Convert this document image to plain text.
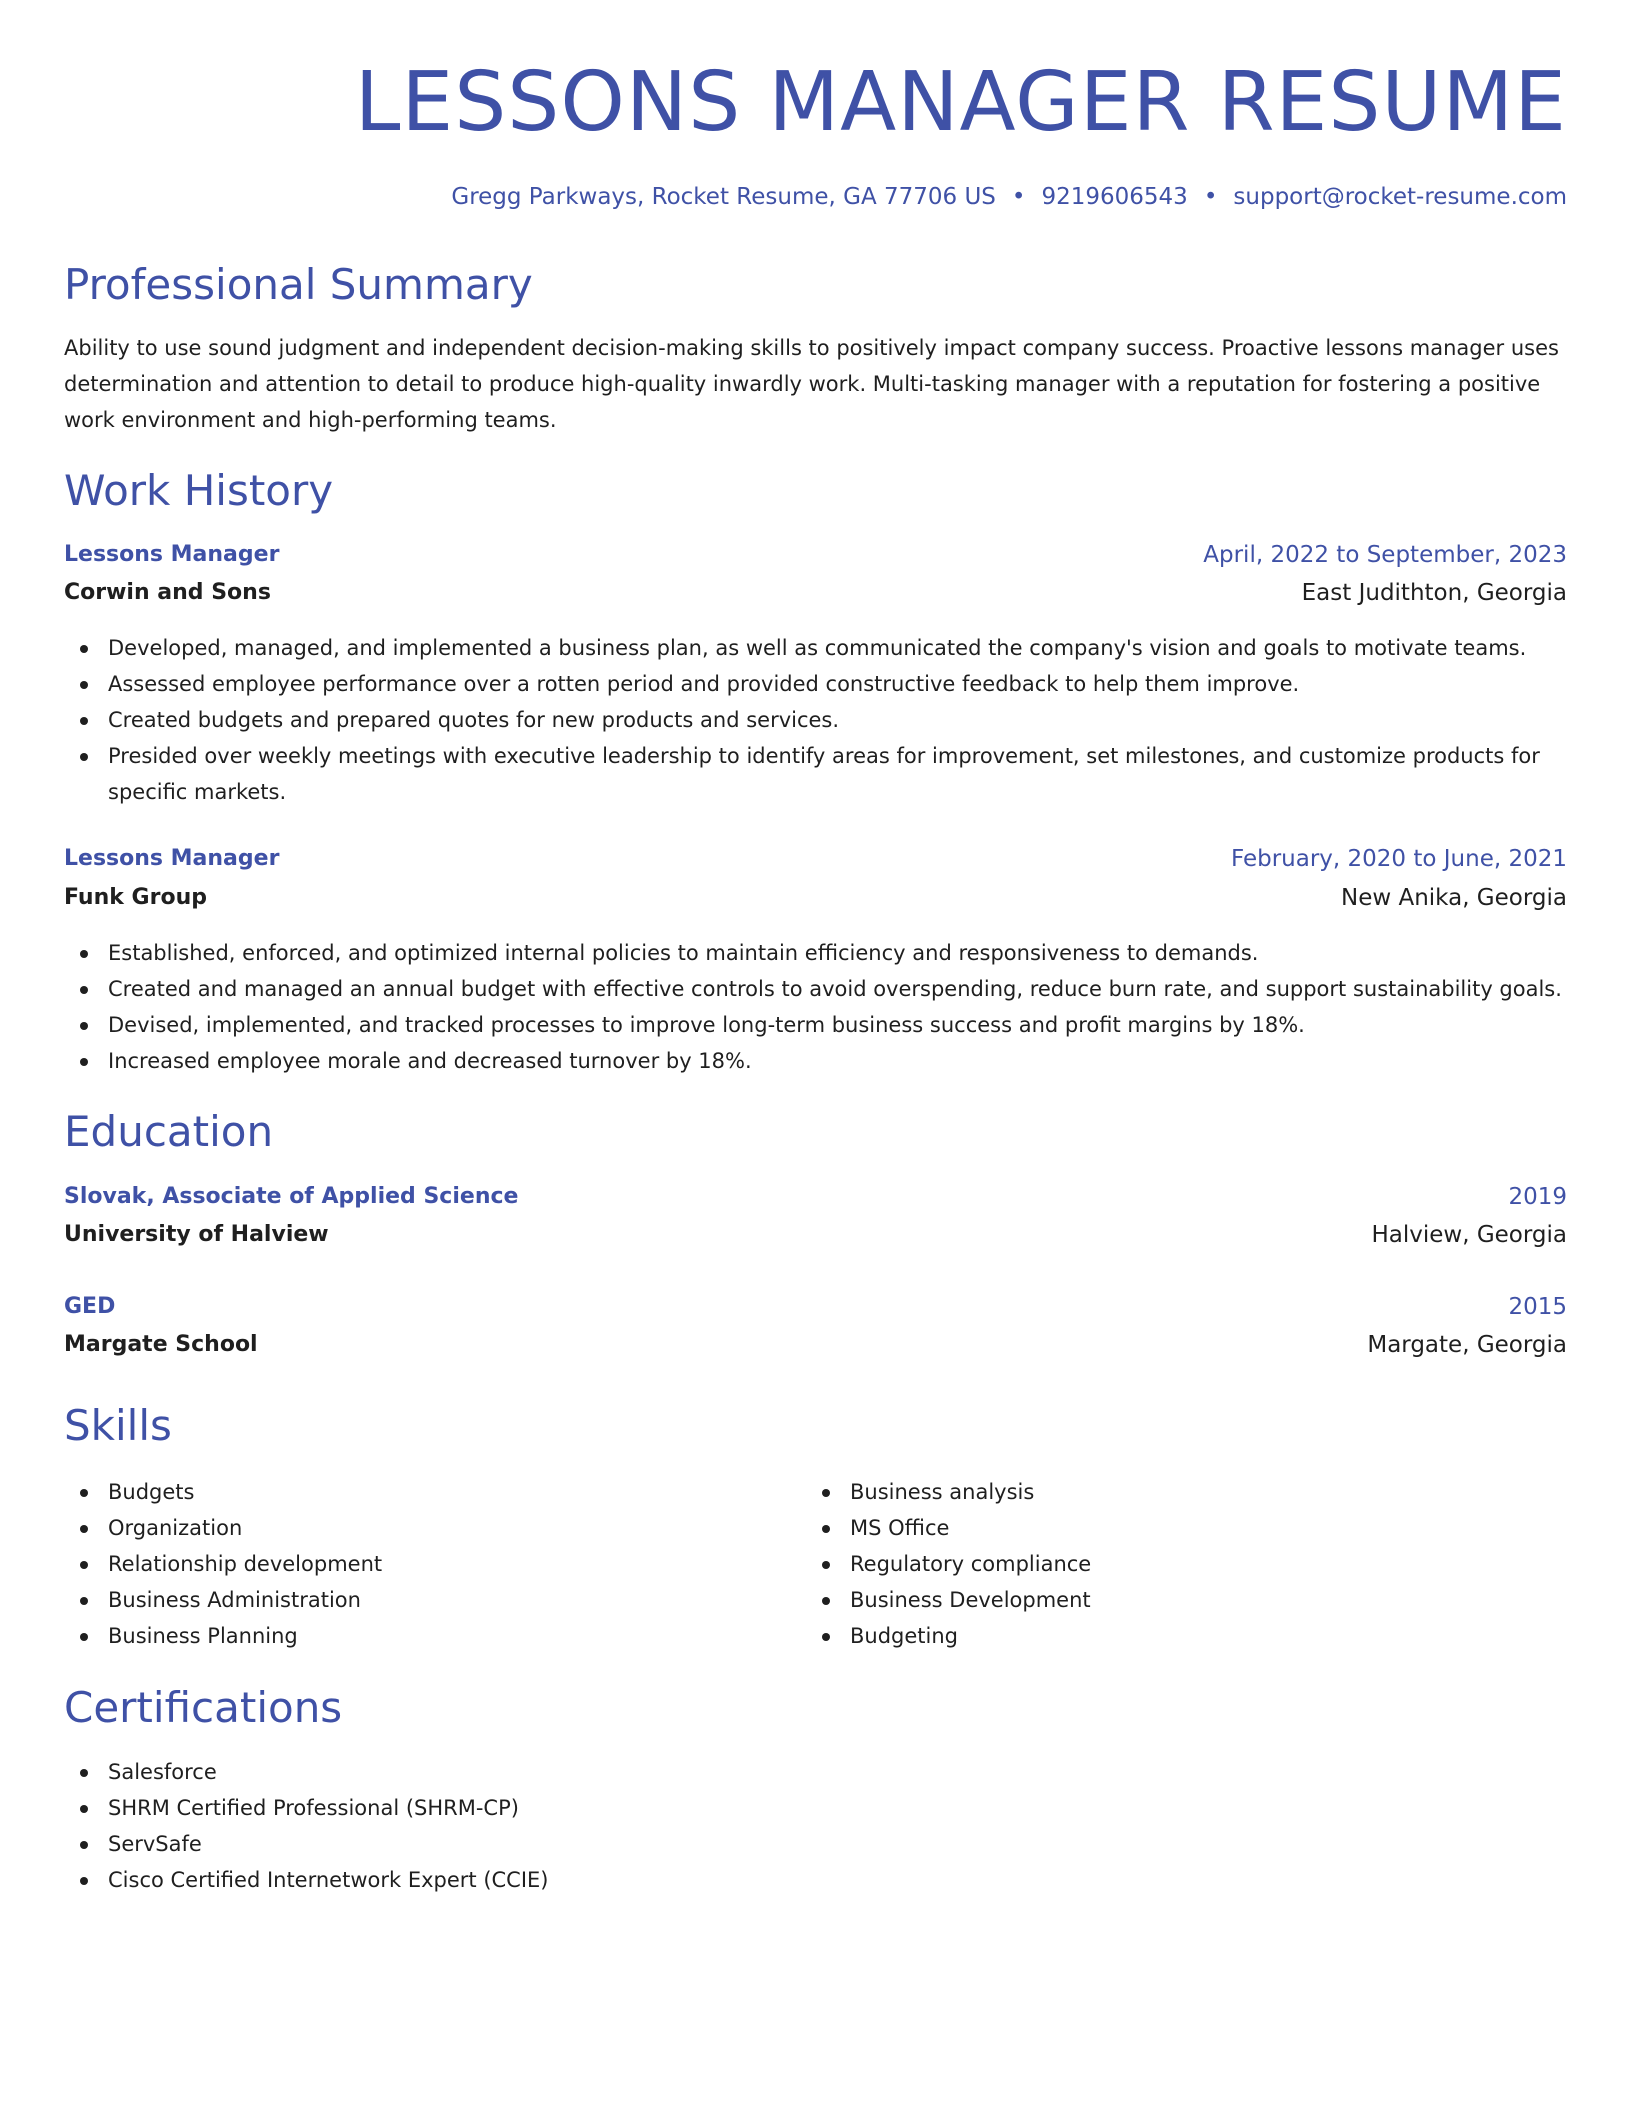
LESSONS MANAGER RESUME
Gregg Parkways, Rocket Resume, GA 77706 US • 9219606543 • support@rocket-resume.com
Professional Summary

Ability to use sound judgment and independent decision-making skills to positively impact company success. Proactive lessons manager uses determination and attention to detail to produce high-quality inwardly work. Multi-tasking manager with a reputation for fostering a positive work environment and high-performing teams.

Work History
Lessons Manager	April, 2022 to September, 2023
Corwin and Sons	East Judithton, Georgia
Developed, managed, and implemented a business plan, as well as communicated the company's vision and goals to motivate teams.
Assessed employee performance over a rotten period and provided constructive feedback to help them improve.
Created budgets and prepared quotes for new products and services.
Presided over weekly meetings with executive leadership to identify areas for improvement, set milestones, and customize products for specific markets.
Lessons Manager	February, 2020 to June, 2021
Funk Group	New Anika, Georgia
Established, enforced, and optimized internal policies to maintain efficiency and responsiveness to demands.
Created and managed an annual budget with effective controls to avoid overspending, reduce burn rate, and support sustainability goals.
Devised, implemented, and tracked processes to improve long-term business success and profit margins by 18%.
Increased employee morale and decreased turnover by 18%.
Education
Slovak, Associate of Applied Science	2019
University of Halview	Halview, Georgia
GED	2015
Margate School	Margate, Georgia
Skills
Budgets
Organization
Relationship development
Business Administration
Business Planning
Business analysis
MS Office
Regulatory compliance
Business Development
Budgeting
Certifications
Salesforce
SHRM Certified Professional (SHRM-CP)
ServSafe
Cisco Certified Internetwork Expert (CCIE)
